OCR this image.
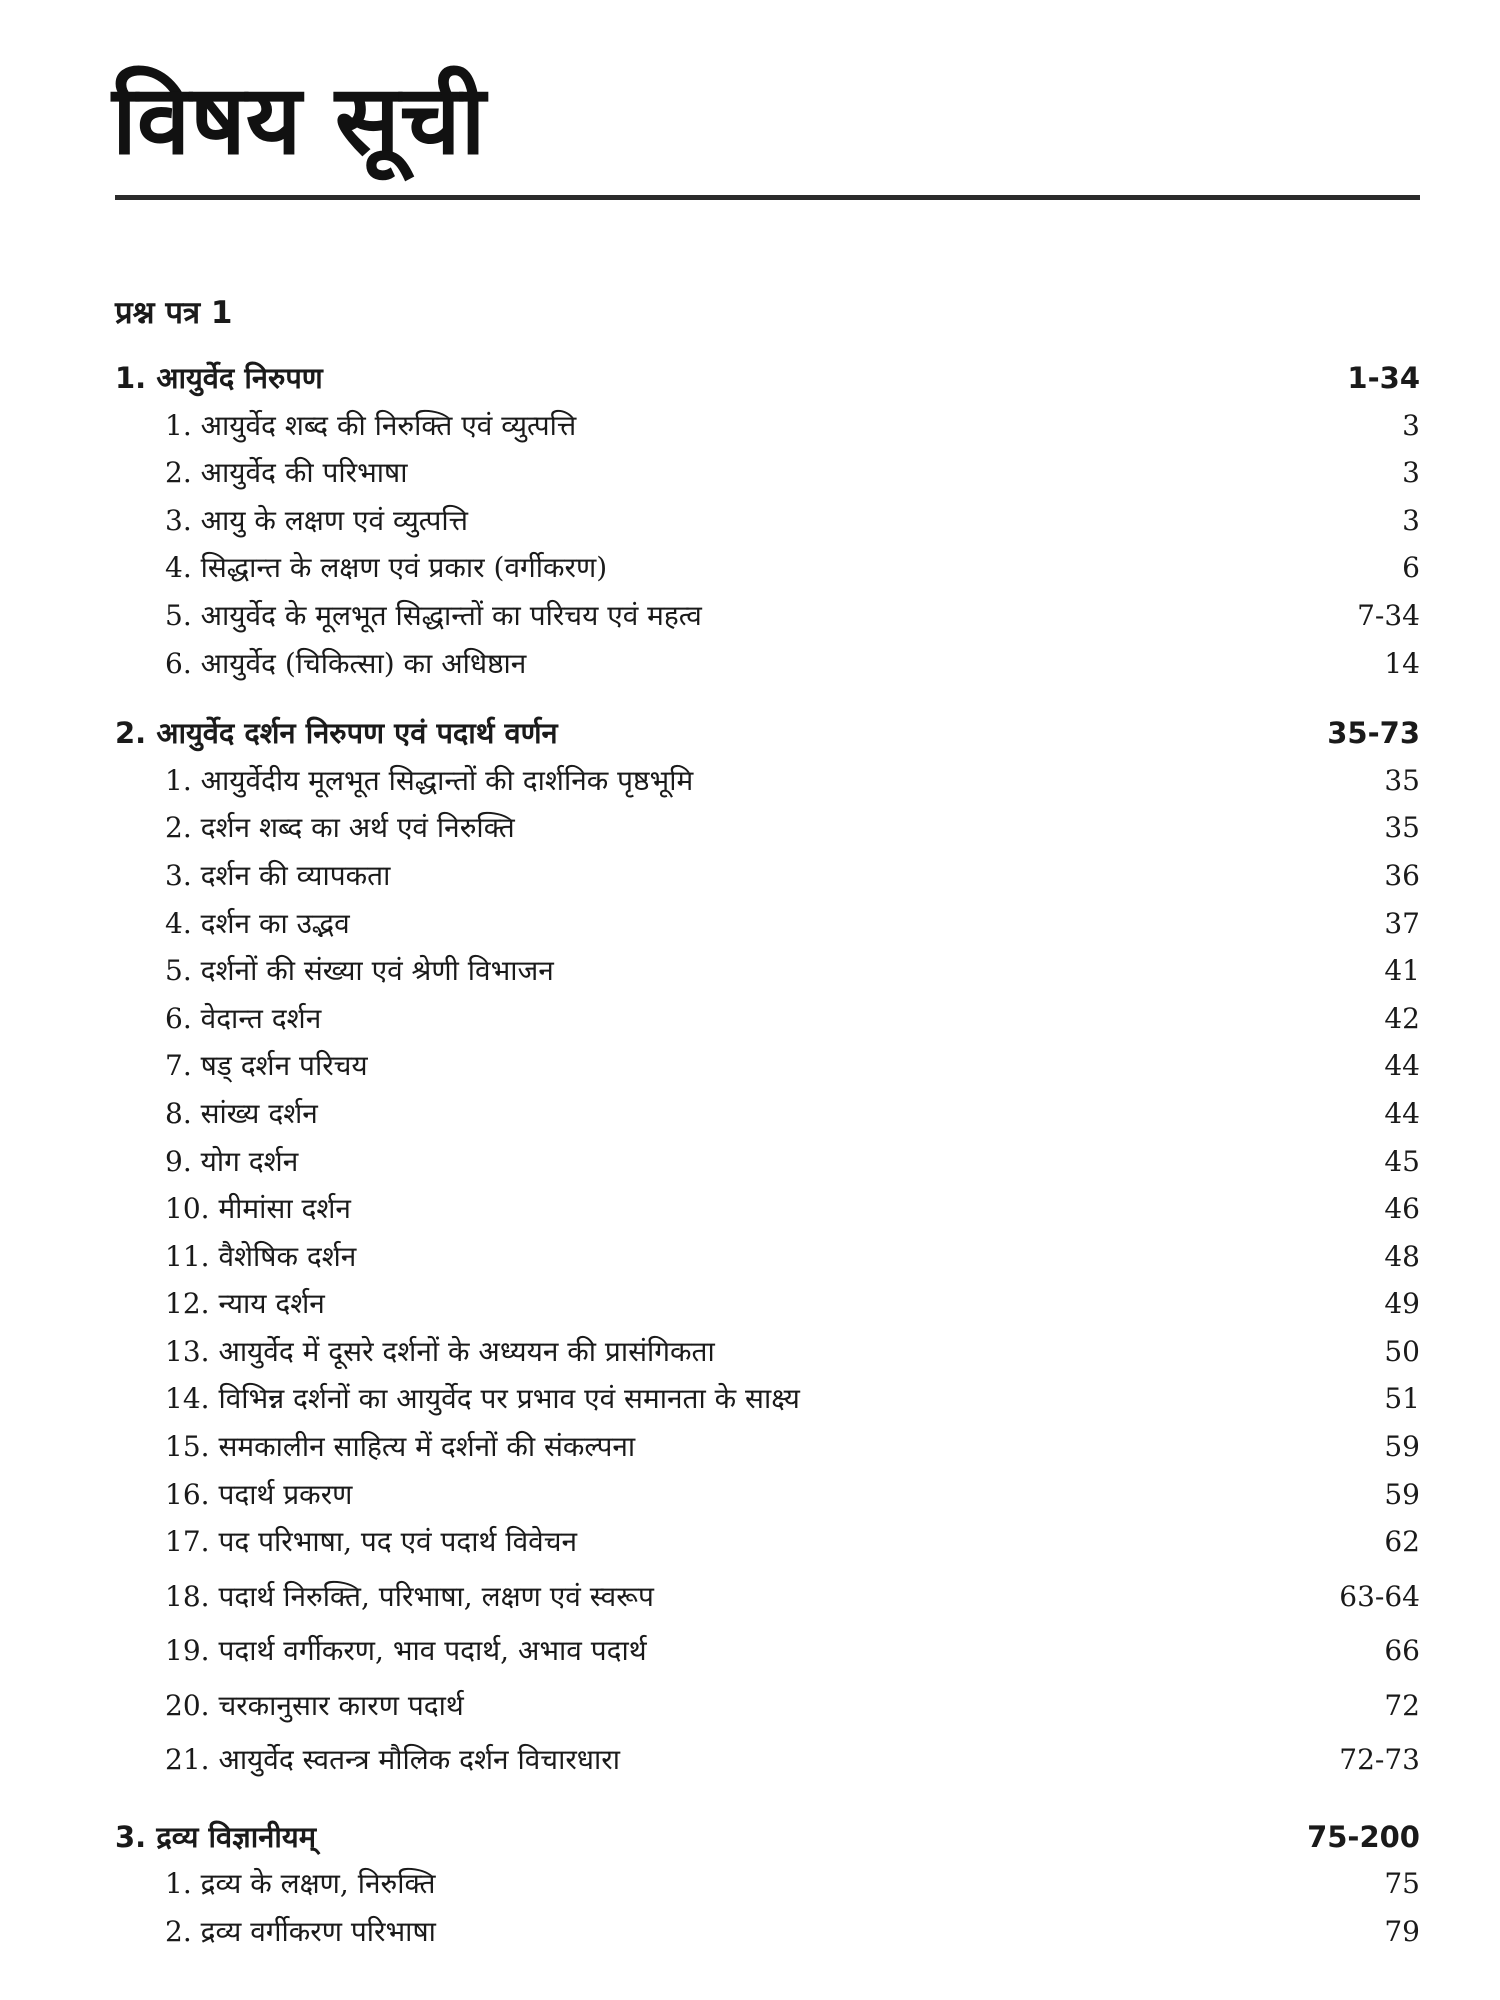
विषय सूची
प्रश्न पत्र 1
1. आयुर्वेद निरुपण	1-34
1. आयुर्वेद शब्द की निरुक्ति एवं व्युत्पत्ति	3
2. आयुर्वेद की परिभाषा	3
3. आयु के लक्षण एवं व्युत्पत्ति	3
4. सिद्धान्त के लक्षण एवं प्रकार (वर्गीकरण)	6
5. आयुर्वेद के मूलभूत सिद्धान्तों का परिचय एवं महत्व	7-34
6. आयुर्वेद (चिकित्सा) का अधिष्ठान	14
2. आयुर्वेद दर्शन निरुपण एवं पदार्थ वर्णन	35-73
1. आयुर्वेदीय मूलभूत सिद्धान्तों की दार्शनिक पृष्ठभूमि	35
2. दर्शन शब्द का अर्थ एवं निरुक्ति	35
3. दर्शन की व्यापकता	36
4. दर्शन का उद्भव	37
5. दर्शनों की संख्या एवं श्रेणी विभाजन	41
6. वेदान्त दर्शन	42
7. षड् दर्शन परिचय	44
8. सांख्य दर्शन	44
9. योग दर्शन	45
10. मीमांसा दर्शन	46
11. वैशेषिक दर्शन	48
12. न्याय दर्शन	49
13. आयुर्वेद में दूसरे दर्शनों के अध्ययन की प्रासंगिकता	50
14. विभिन्न दर्शनों का आयुर्वेद पर प्रभाव एवं समानता के साक्ष्य	51
15. समकालीन साहित्य में दर्शनों की संकल्पना	59
16. पदार्थ प्रकरण	59
17. पद परिभाषा, पद एवं पदार्थ विवेचन	62
18. पदार्थ निरुक्ति, परिभाषा, लक्षण एवं स्वरूप	63-64
19. पदार्थ वर्गीकरण, भाव पदार्थ, अभाव पदार्थ	66
20. चरकानुसार कारण पदार्थ	72
21. आयुर्वेद स्वतन्त्र मौलिक दर्शन विचारधारा	72-73
3. द्रव्य विज्ञानीयम्	75-200
1. द्रव्य के लक्षण, निरुक्ति	75
2. द्रव्य वर्गीकरण परिभाषा	79
